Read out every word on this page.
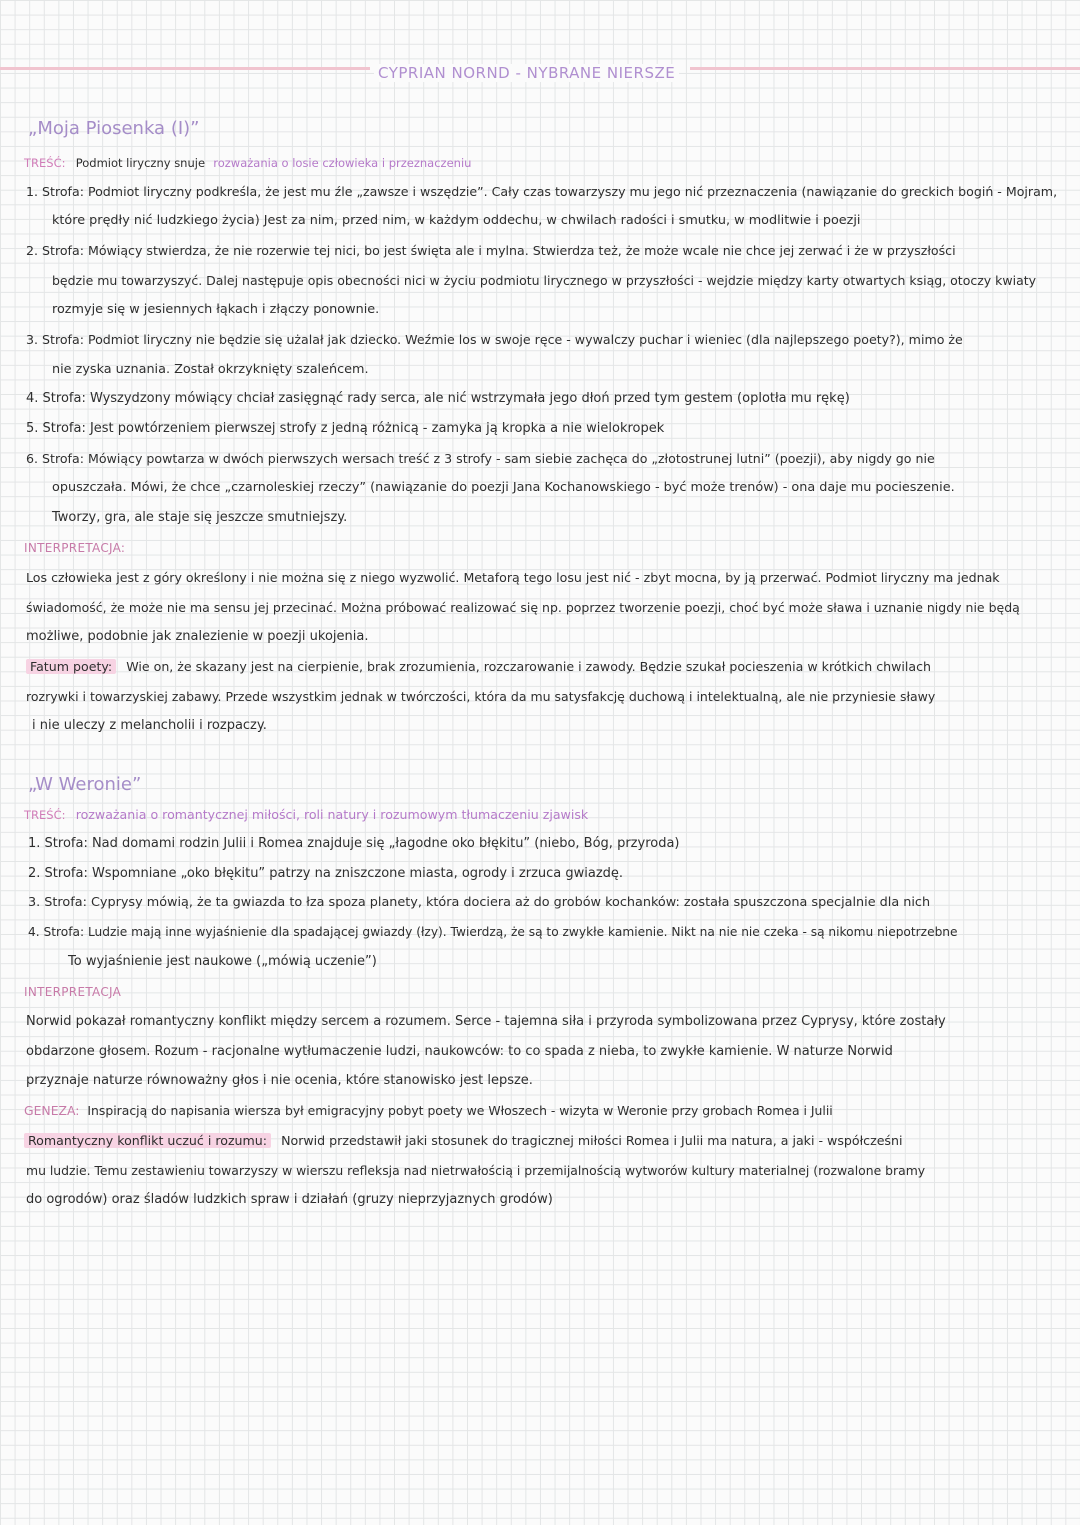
CYPRIAN NORND - NYBRANE NIERSZE
„Moja Piosenka (I)”
TREŚĆ: Podmiot liryczny snuje rozważania o losie człowieka i przeznaczeniu
1. Strofa: Podmiot liryczny podkreśla, że jest mu źle „zawsze i wszędzie”. Cały czas towarzyszy mu jego nić przeznaczenia (nawiązanie do greckich bogiń - Mojram,
które prędły nić ludzkiego życia) Jest za nim, przed nim, w każdym oddechu, w chwilach radości i smutku, w modlitwie i poezji
2. Strofa: Mówiący stwierdza, że nie rozerwie tej nici, bo jest święta ale i mylna. Stwierdza też, że może wcale nie chce jej zerwać i że w przyszłości
będzie mu towarzyszyć. Dalej następuje opis obecności nici w życiu podmiotu lirycznego w przyszłości - wejdzie między karty otwartych ksiąg, otoczy kwiaty
rozmyje się w jesiennych łąkach i złączy ponownie.
3. Strofa: Podmiot liryczny nie będzie się użalał jak dziecko. Weźmie los w swoje ręce - wywalczy puchar i wieniec (dla najlepszego poety?), mimo że
nie zyska uznania. Został okrzyknięty szaleńcem.
4. Strofa: Wyszydzony mówiący chciał zasięgnąć rady serca, ale nić wstrzymała jego dłoń przed tym gestem (oplotła mu rękę)
5. Strofa: Jest powtórzeniem pierwszej strofy z jedną różnicą - zamyka ją kropka a nie wielokropek
6. Strofa: Mówiący powtarza w dwóch pierwszych wersach treść z 3 strofy - sam siebie zachęca do „złotostrunej lutni” (poezji), aby nigdy go nie
opuszczała. Mówi, że chce „czarnoleskiej rzeczy” (nawiązanie do poezji Jana Kochanowskiego - być może trenów) - ona daje mu pocieszenie.
Tworzy, gra, ale staje się jeszcze smutniejszy.
INTERPRETACJA:
Los człowieka jest z góry określony i nie można się z niego wyzwolić. Metaforą tego losu jest nić - zbyt mocna, by ją przerwać. Podmiot liryczny ma jednak
świadomość, że może nie ma sensu jej przecinać. Można próbować realizować się np. poprzez tworzenie poezji, choć być może sława i uznanie nigdy nie będą
możliwe, podobnie jak znalezienie w poezji ukojenia.
Fatum poety: Wie on, że skazany jest na cierpienie, brak zrozumienia, rozczarowanie i zawody. Będzie szukał pocieszenia w krótkich chwilach
rozrywki i towarzyskiej zabawy. Przede wszystkim jednak w twórczości, która da mu satysfakcję duchową i intelektualną, ale nie przyniesie sławy
i nie uleczy z melancholii i rozpaczy.
„W Weronie”
TREŚĆ: rozważania o romantycznej miłości, roli natury i rozumowym tłumaczeniu zjawisk
1. Strofa: Nad domami rodzin Julii i Romea znajduje się „łagodne oko błękitu” (niebo, Bóg, przyroda)
2. Strofa: Wspomniane „oko błękitu” patrzy na zniszczone miasta, ogrody i zrzuca gwiazdę.
3. Strofa: Cyprysy mówią, że ta gwiazda to łza spoza planety, która dociera aż do grobów kochanków: została spuszczona specjalnie dla nich
4. Strofa: Ludzie mają inne wyjaśnienie dla spadającej gwiazdy (łzy). Twierdzą, że są to zwykłe kamienie. Nikt na nie nie czeka - są nikomu niepotrzebne
To wyjaśnienie jest naukowe („mówią uczenie”)
INTERPRETACJA
Norwid pokazał romantyczny konflikt między sercem a rozumem. Serce - tajemna siła i przyroda symbolizowana przez Cyprysy, które zostały
obdarzone głosem. Rozum - racjonalne wytłumaczenie ludzi, naukowców: to co spada z nieba, to zwykłe kamienie. W naturze Norwid
przyznaje naturze równoważny głos i nie ocenia, które stanowisko jest lepsze.
GENEZA: Inspiracją do napisania wiersza był emigracyjny pobyt poety we Włoszech - wizyta w Weronie przy grobach Romea i Julii
Romantyczny konflikt uczuć i rozumu: Norwid przedstawił jaki stosunek do tragicznej miłości Romea i Julii ma natura, a jaki - współcześni
mu ludzie. Temu zestawieniu towarzyszy w wierszu refleksja nad nietrwałością i przemijalnością wytworów kultury materialnej (rozwalone bramy
do ogrodów) oraz śladów ludzkich spraw i działań (gruzy nieprzyjaznych grodów)
